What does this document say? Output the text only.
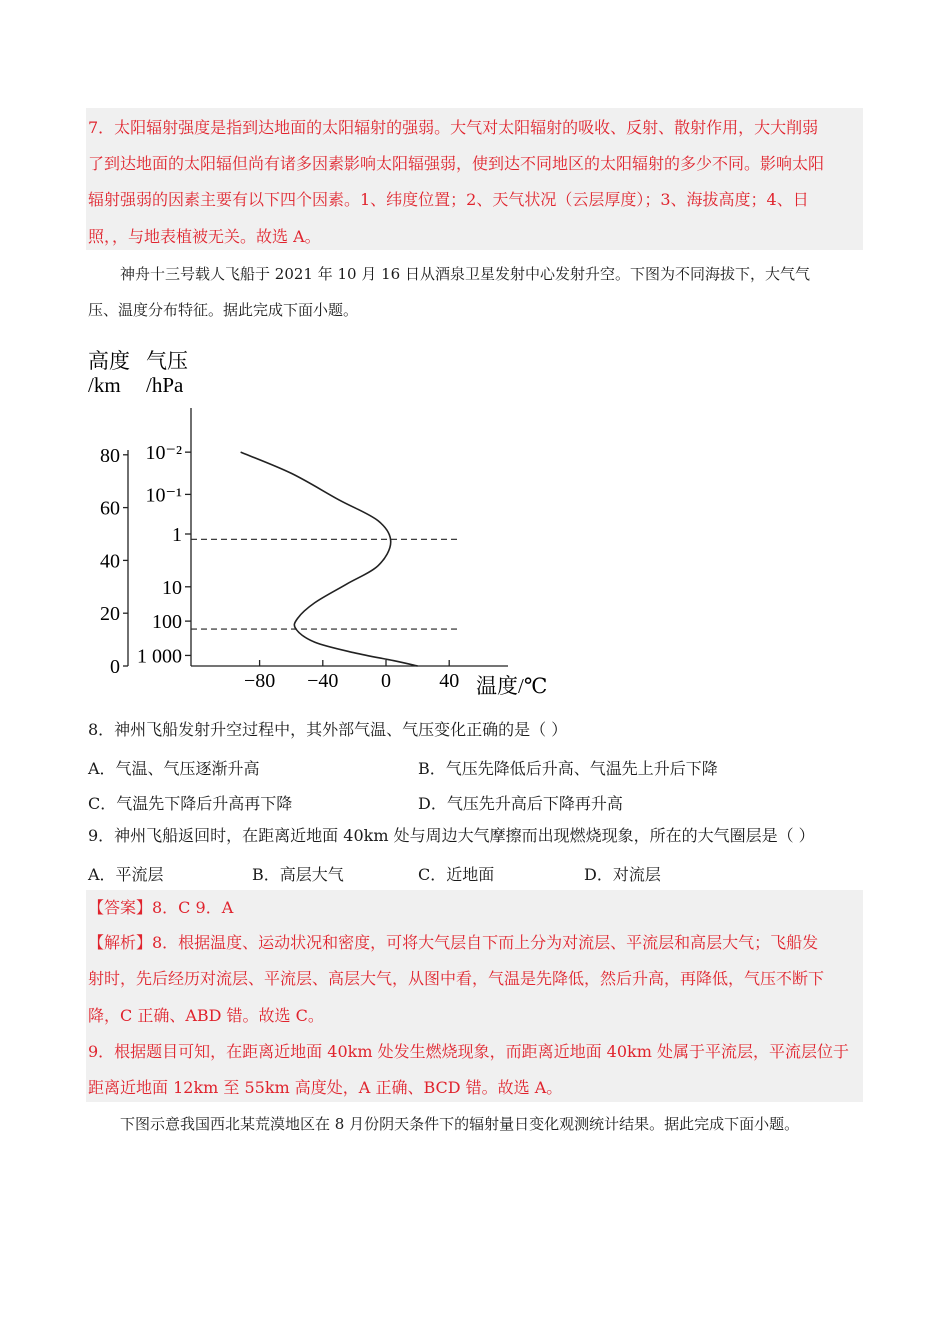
7．太阳辐射强度是指到达地面的太阳辐射的强弱。大气对太阳辐射的吸收、反射、散射作用，大大削弱
了到达地面的太阳辐但尚有诸多因素影响太阳辐强弱，使到达不同地区的太阳辐射的多少不同。影响太阳
辐射强弱的因素主要有以下四个因素。1、纬度位置；2、天气状况（云层厚度）；3、海拔高度；4、日
照，，与地表植被无关。故选 A。
神舟十三号载人飞船于 2021 年 10 月 16 日从酒泉卫星发射中心发射升空。下图为不同海拔下，大气气
压、温度分布特征。据此完成下面小题。
高度
/km
气压
/hPa
0
20
40
60
80
1 000
100
10
1
10⁻¹
10⁻²
−80 −40 0 40 温度/℃
8．神州飞船发射升空过程中，其外部气温、气压变化正确的是（ ）
A．气温、气压逐渐升高	B．气压先降低后升高、气温先上升后下降
C．气温先下降后升高再下降	D．气压先升高后下降再升高
9．神州飞船返回时，在距离近地面 40km 处与周边大气摩擦而出现燃烧现象，所在的大气圈层是（ ）
A．平流层	B．高层大气	C．近地面	D．对流层
【答案】8．C 9．A
【解析】8．根据温度、运动状况和密度，可将大气层自下而上分为对流层、平流层和高层大气；飞船发
射时，先后经历对流层、平流层、高层大气，从图中看，气温是先降低，然后升高，再降低，气压不断下
降，C 正确、ABD 错。故选 C。
9．根据题目可知，在距离近地面 40km 处发生燃烧现象，而距离近地面 40km 处属于平流层，平流层位于
距离近地面 12km 至 55km 高度处，A 正确、BCD 错。故选 A。
下图示意我国西北某荒漠地区在 8 月份阴天条件下的辐射量日变化观测统计结果。据此完成下面小题。
